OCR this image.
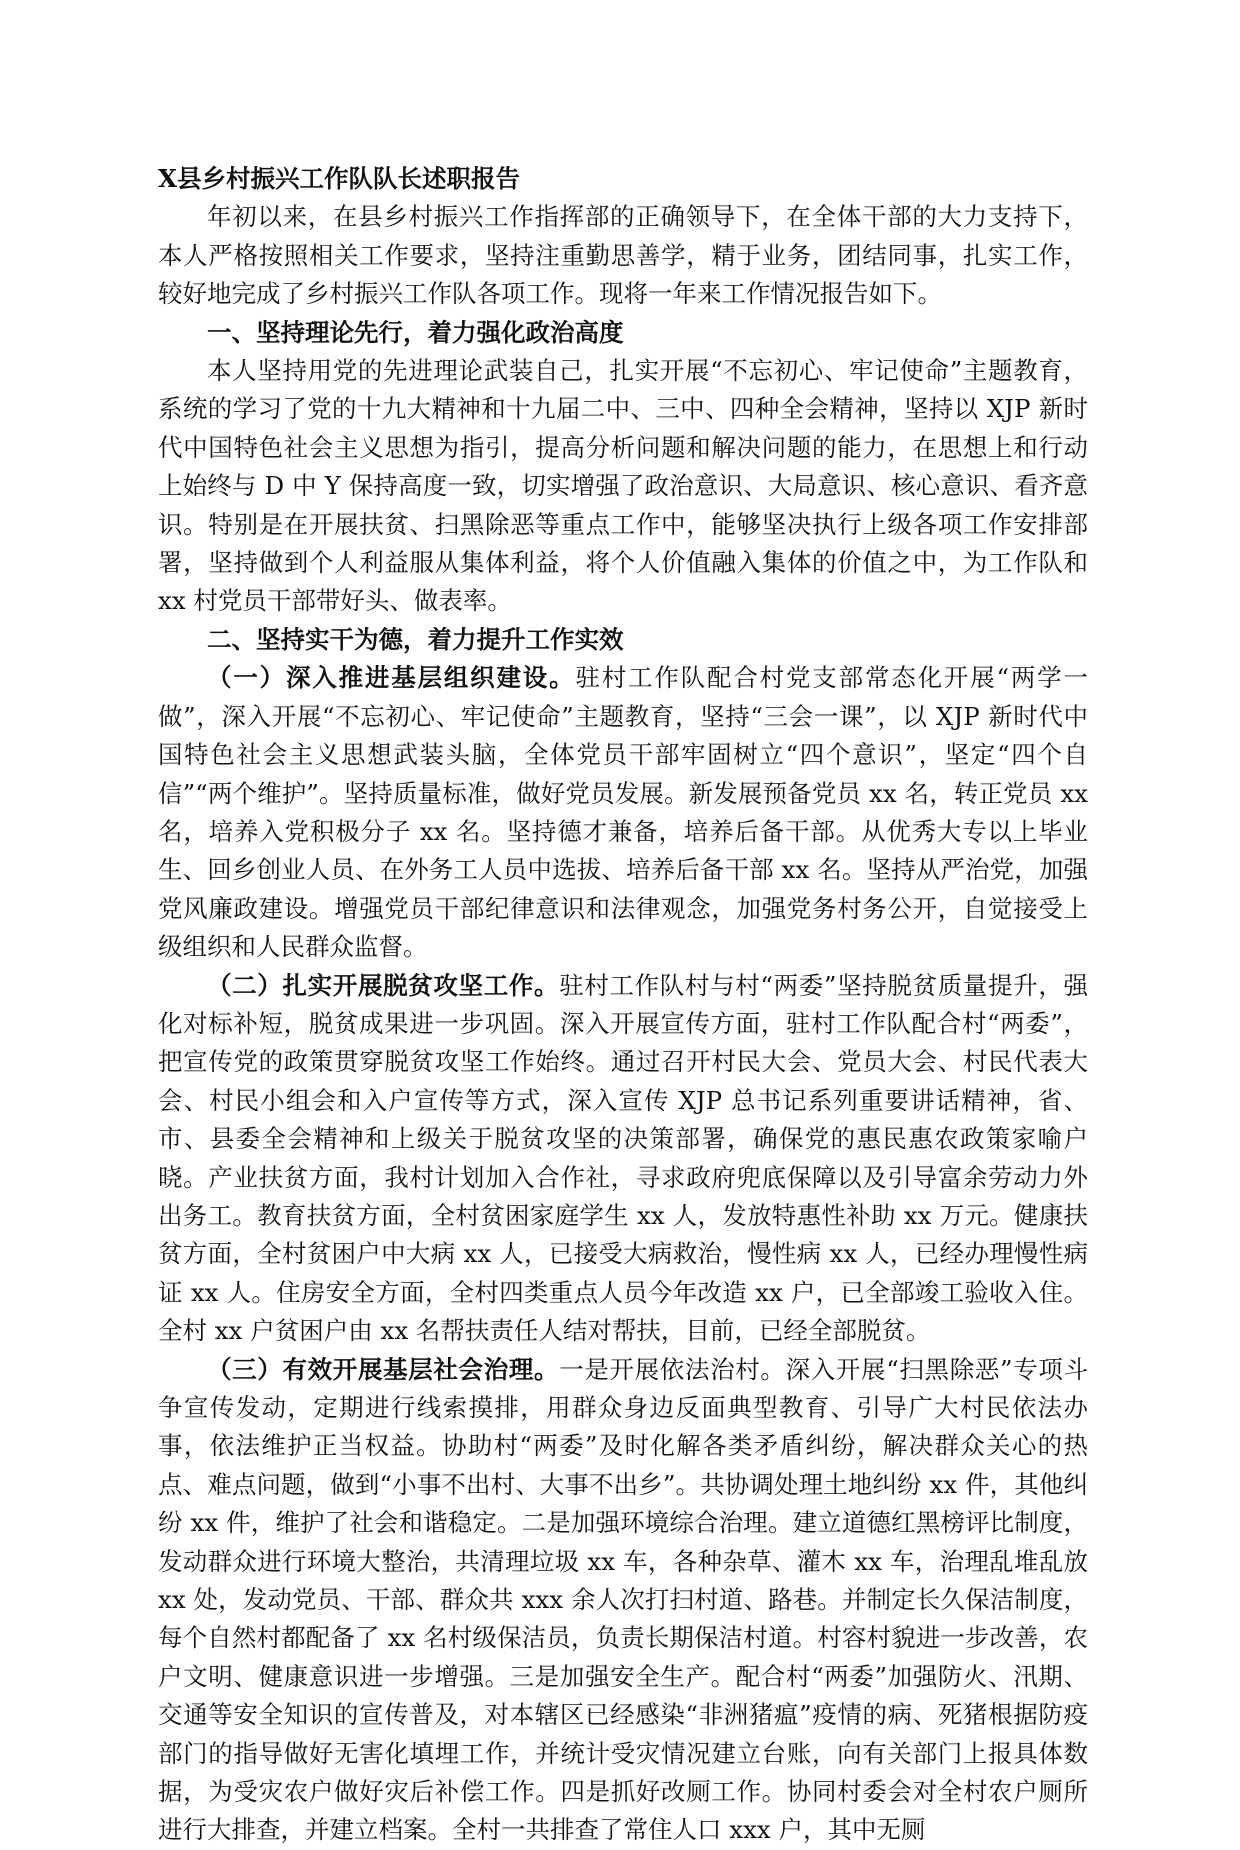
X县乡村振兴工作队队长述职报告

年初以来，在县乡村振兴工作指挥部的正确领导下，在全体干部的大力支持下，本人严格按照相关工作要求，坚持注重勤思善学，精于业务，团结同事，扎实工作，较好地完成了乡村振兴工作队各项工作。现将一年来工作情况报告如下。

一、坚持理论先行，着力强化政治高度

本人坚持用党的先进理论武装自己，扎实开展“不忘初心、牢记使命”主题教育，系统的学习了党的十九大精神和十九届二中、三中、四种全会精神，坚持以 XJP 新时代中国特色社会主义思想为指引，提高分析问题和解决问题的能力，在思想上和行动上始终与 D 中 Y 保持高度一致，切实增强了政治意识、大局意识、核心意识、看齐意识。特别是在开展扶贫、扫黑除恶等重点工作中，能够坚决执行上级各项工作安排部署，坚持做到个人利益服从集体利益，将个人价值融入集体的价值之中，为工作队和 xx 村党员干部带好头、做表率。

二、坚持实干为德，着力提升工作实效

（一）深入推进基层组织建设。驻村工作队配合村党支部常态化开展“两学一做”，深入开展“不忘初心、牢记使命”主题教育，坚持“三会一课”，以 XJP 新时代中国特色社会主义思想武装头脑，全体党员干部牢固树立“四个意识”，坚定“四个自信”“两个维护”。坚持质量标准，做好党员发展。新发展预备党员 xx 名，转正党员 xx 名，培养入党积极分子 xx 名。坚持德才兼备，培养后备干部。从优秀大专以上毕业生、回乡创业人员、在外务工人员中选拔、培养后备干部 xx 名。坚持从严治党，加强党风廉政建设。增强党员干部纪律意识和法律观念，加强党务村务公开，自觉接受上级组织和人民群众监督。

（二）扎实开展脱贫攻坚工作。驻村工作队村与村“两委”坚持脱贫质量提升，强化对标补短，脱贫成果进一步巩固。深入开展宣传方面，驻村工作队配合村“两委”，把宣传党的政策贯穿脱贫攻坚工作始终。通过召开村民大会、党员大会、村民代表大会、村民小组会和入户宣传等方式，深入宣传 XJP 总书记系列重要讲话精神，省、市、县委全会精神和上级关于脱贫攻坚的决策部署，确保党的惠民惠农政策家喻户晓。产业扶贫方面，我村计划加入合作社，寻求政府兜底保障以及引导富余劳动力外出务工。教育扶贫方面，全村贫困家庭学生 xx 人，发放特惠性补助 xx 万元。健康扶贫方面，全村贫困户中大病 xx 人，已接受大病救治，慢性病 xx 人，已经办理慢性病证 xx 人。住房安全方面，全村四类重点人员今年改造 xx 户，已全部竣工验收入住。全村 xx 户贫困户由 xx 名帮扶责任人结对帮扶，目前，已经全部脱贫。

（三）有效开展基层社会治理。一是开展依法治村。深入开展“扫黑除恶”专项斗争宣传发动，定期进行线索摸排，用群众身边反面典型教育、引导广大村民依法办事，依法维护正当权益。协助村“两委”及时化解各类矛盾纠纷，解决群众关心的热点、难点问题，做到“小事不出村、大事不出乡”。共协调处理土地纠纷 xx 件，其他纠纷 xx 件，维护了社会和谐稳定。二是加强环境综合治理。建立道德红黑榜评比制度，发动群众进行环境大整治，共清理垃圾 xx 车，各种杂草、灌木 xx 车，治理乱堆乱放 xx 处，发动党员、干部、群众共 xxx 余人次打扫村道、路巷。并制定长久保洁制度，每个自然村都配备了 xx 名村级保洁员，负责长期保洁村道。村容村貌进一步改善，农户文明、健康意识进一步增强。三是加强安全生产。配合村“两委”加强防火、汛期、交通等安全知识的宣传普及，对本辖区已经感染“非洲猪瘟”疫情的病、死猪根据防疫部门的指导做好无害化填埋工作，并统计受灾情况建立台账，向有关部门上报具体数据，为受灾农户做好灾后补偿工作。四是抓好改厕工作。协同村委会对全村农户厕所进行大排查，并建立档案。全村一共排查了常住人口 xxx 户，其中无厕
